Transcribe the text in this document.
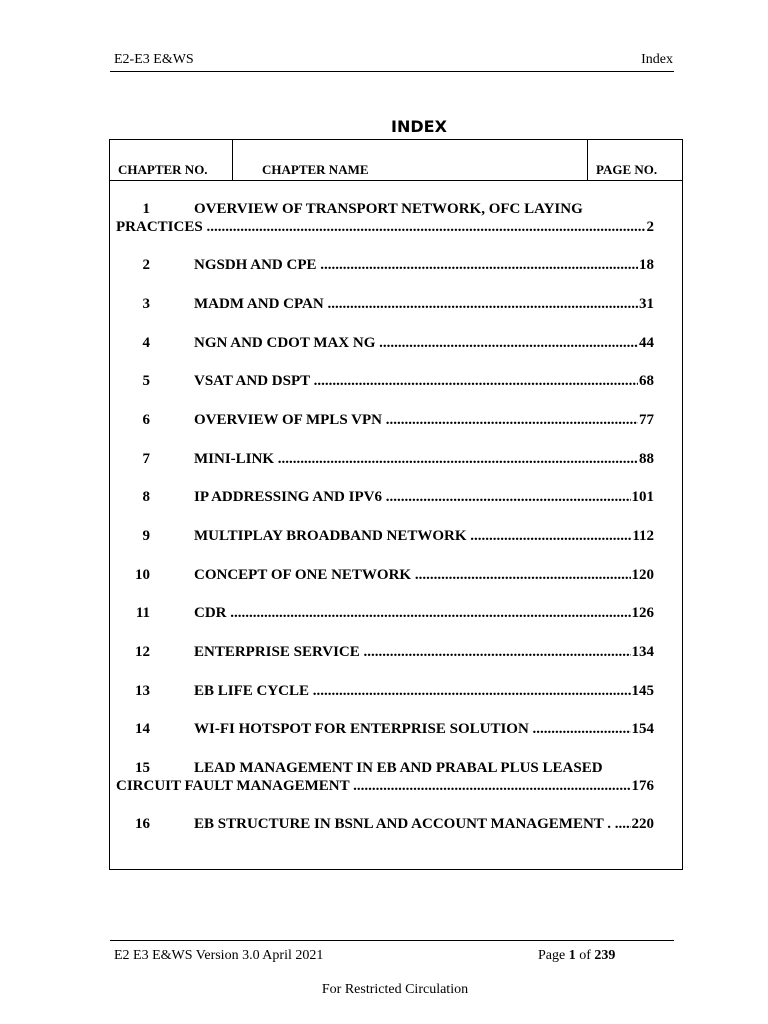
E2-E3 E&WS	Index
INDEX
CHAPTER NO.	CHAPTER NAME	PAGE NO.
1	OVERVIEW OF TRANSPORT NETWORK, OFC LAYING
PRACTICES .....	2
2	NGSDH AND CPE .....	18
3	MADM AND CPAN .....	31
4	NGN AND CDOT MAX NG .....	44
5	VSAT AND DSPT .....	68
6	OVERVIEW OF MPLS VPN .....	77
7	MINI-LINK .....	88
8	IP ADDRESSING AND IPV6 .....	101
9	MULTIPLAY BROADBAND NETWORK .....	112
10	CONCEPT OF ONE NETWORK .....	120
11	CDR .....	126
12	ENTERPRISE SERVICE .....	134
13	EB LIFE CYCLE .....	145
14	WI-FI HOTSPOT FOR ENTERPRISE SOLUTION .....	154
15	LEAD MANAGEMENT IN EB AND PRABAL PLUS LEASED
CIRCUIT FAULT MANAGEMENT .....	176
16	EB STRUCTURE IN BSNL AND ACCOUNT MANAGEMENT . .....	220
E2 E3 E&WS Version 3.0 April 2021	Page 1 of 239
For Restricted Circulation
